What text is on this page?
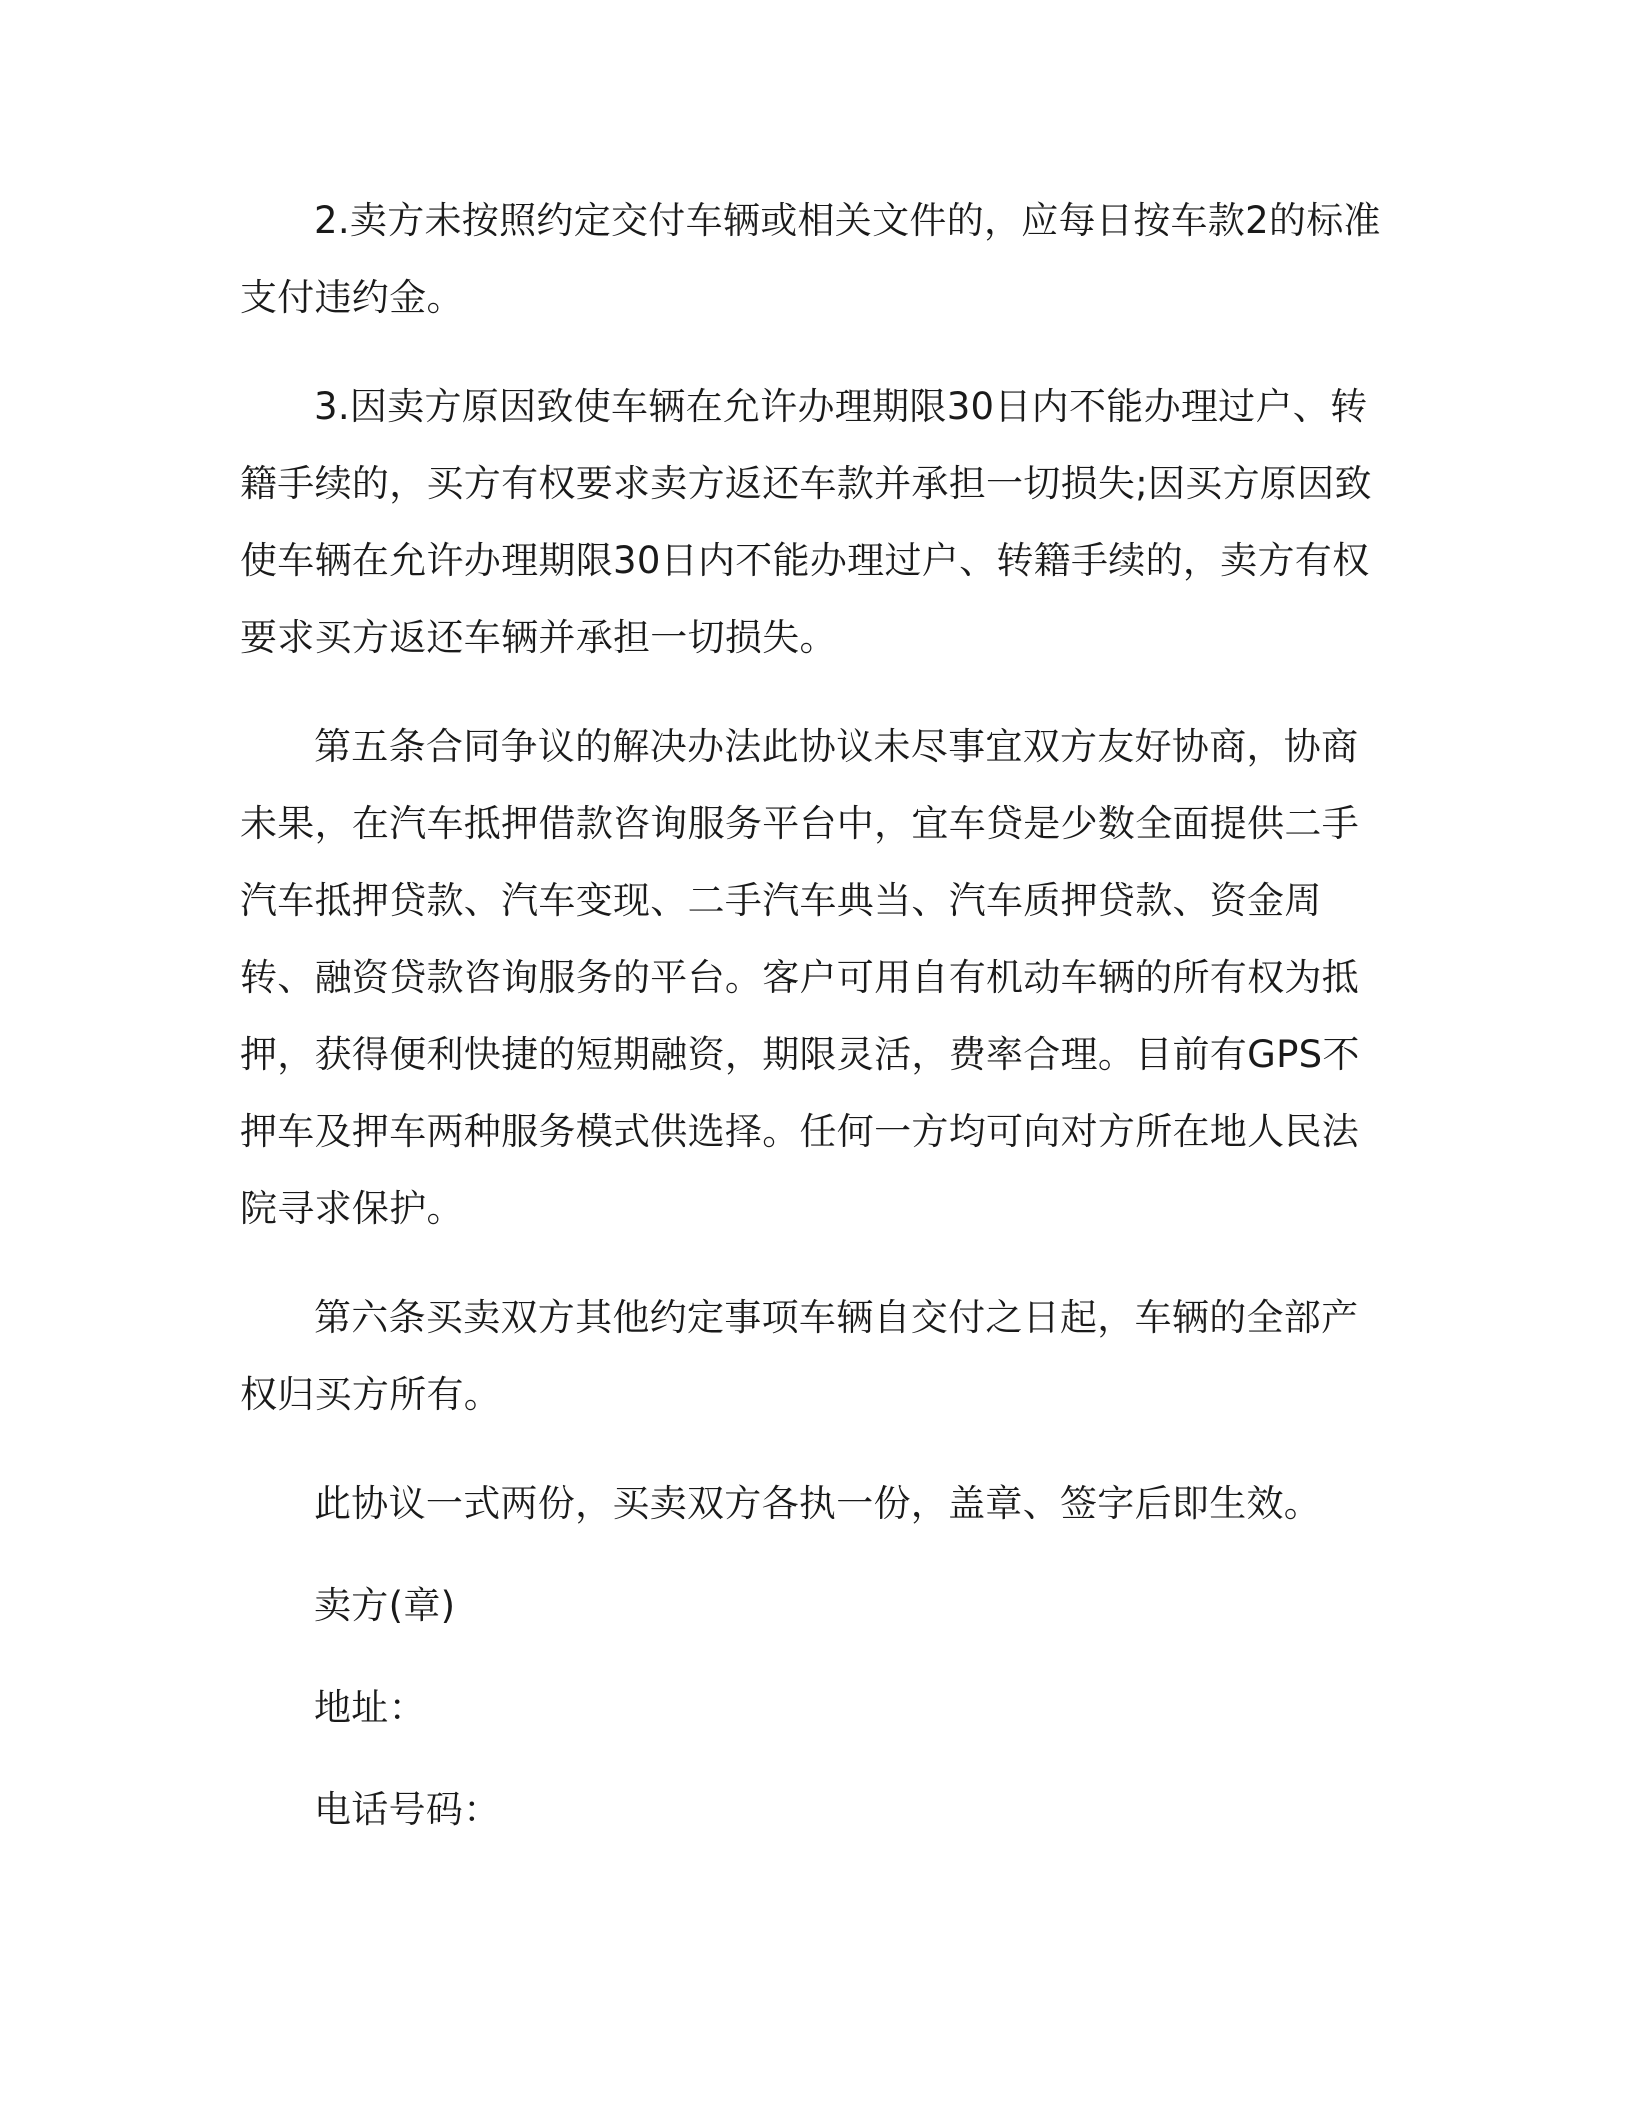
2.卖方未按照约定交付车辆或相关文件的，应每日按车款2的标准支付违约金。

3.因卖方原因致使车辆在允许办理期限30日内不能办理过户、转籍手续的，买方有权要求卖方返还车款并承担一切损失;因买方原因致使车辆在允许办理期限30日内不能办理过户、转籍手续的，卖方有权要求买方返还车辆并承担一切损失。

第五条合同争议的解决办法此协议未尽事宜双方友好协商，协商未果，在汽车抵押借款咨询服务平台中，宜车贷是少数全面提供二手汽车抵押贷款、汽车变现、二手汽车典当、汽车质押贷款、资金周转、融资贷款咨询服务的平台。客户可用自有机动车辆的所有权为抵押，获得便利快捷的短期融资，期限灵活，费率合理。目前有GPS不押车及押车两种服务模式供选择。任何一方均可向对方所在地人民法院寻求保护。

第六条买卖双方其他约定事项车辆自交付之日起，车辆的全部产权归买方所有。

此协议一式两份，买卖双方各执一份，盖章、签字后即生效。

卖方(章)

地址：

电话号码：
